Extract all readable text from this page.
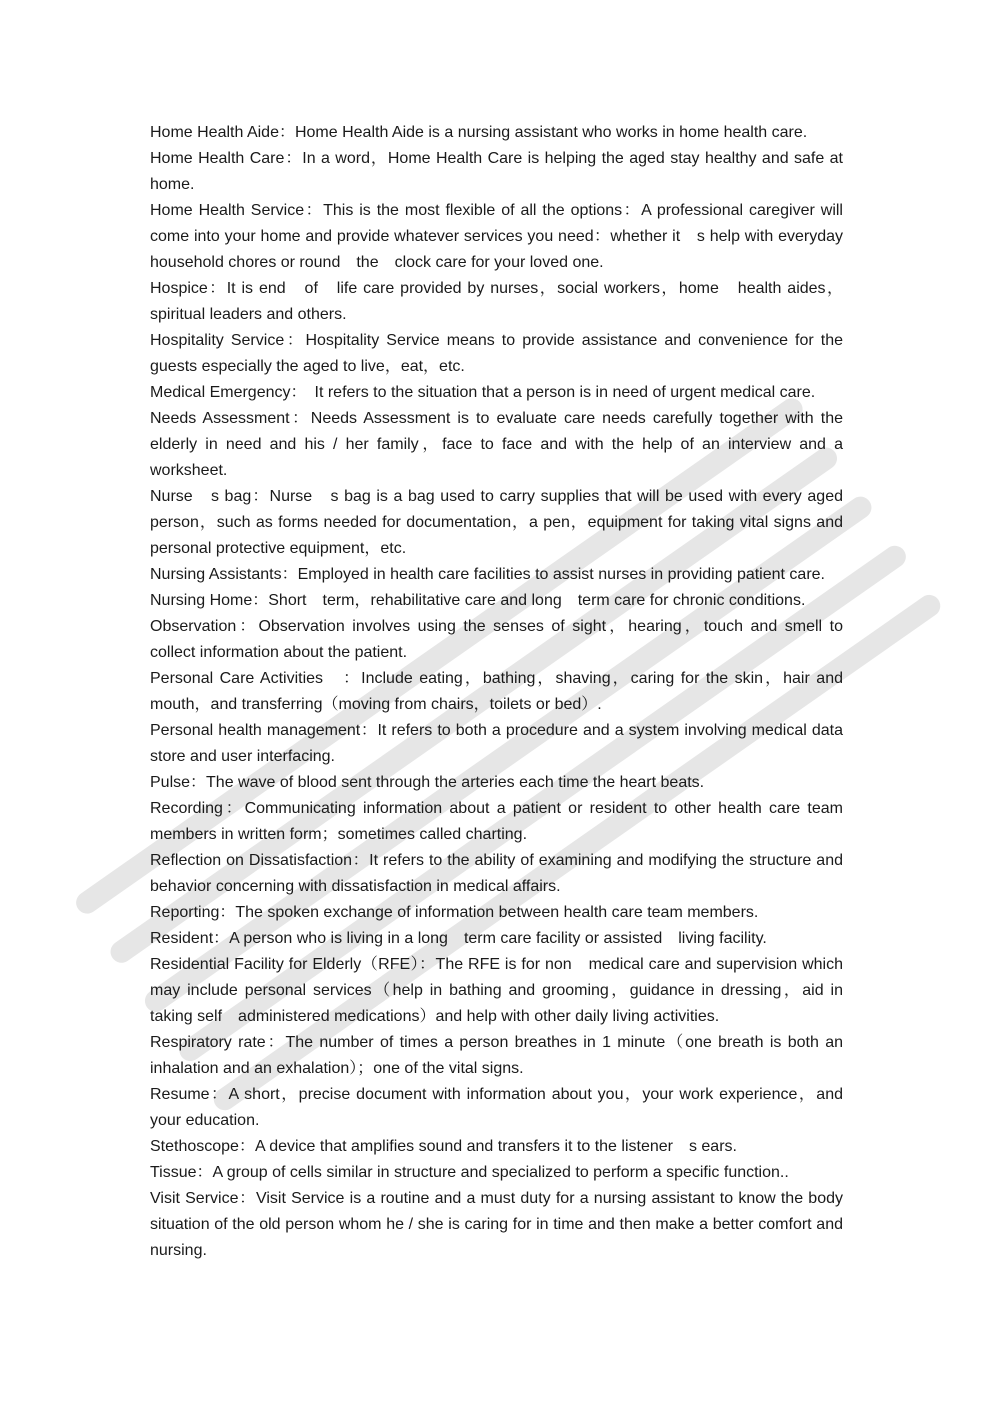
Home Health Aide：Home Health Aide is a nursing assistant who works in home health care.

Home Health Care：In a word，Home Health Care is helping the aged stay healthy and safe at home.

Home Health Service：This is the most flexible of all the options：A professional caregiver will come into your home and provide whatever services you need：whether it　s help with everyday household chores or round　the　clock care for your loved one.

Hospice：It is end　of　life care provided by nurses，social workers，home　health aides，spiritual leaders and others.

Hospitality Service：Hospitality Service means to provide assistance and convenience for the guests especially the aged to live，eat，etc.

Medical Emergency：　It refers to the situation that a person is in need of urgent medical care.

Needs Assessment：Needs Assessment is to evaluate care needs carefully together with the elderly in need and his / her family，face to face and with the help of an interview and a worksheet.

Nurse　s bag：Nurse　s bag is a bag used to carry supplies that will be used with every aged person，such as forms needed for documentation，a pen，equipment for taking vital signs and personal protective equipment，etc.

Nursing Assistants：Employed in health care facilities to assist nurses in providing patient care.

Nursing Home：Short　term，rehabilitative care and long　term care for chronic conditions.

Observation：Observation involves using the senses of sight，hearing，touch and smell to collect information about the patient.

Personal Care Activities　：Include eating，bathing，shaving，caring for the skin，hair and mouth，and transferring（moving from chairs，toilets or bed）.

Personal health management：It refers to both a procedure and a system involving medical data store and user interfacing.

Pulse：The wave of blood sent through the arteries each time the heart beats.

Recording：Communicating information about a patient or resident to other health care team members in written form；sometimes called charting.

Reflection on Dissatisfaction：It refers to the ability of examining and modifying the structure and behavior concerning with dissatisfaction in medical affairs.

Reporting：The spoken exchange of information between health care team members.

Resident：A person who is living in a long　term care facility or assisted　living facility.

Residential Facility for Elderly（RFE）：The RFE is for non　medical care and supervision which may include personal services（help in bathing and grooming，guidance in dressing，aid in taking self　administered medications）and help with other daily living activities.

Respiratory rate：The number of times a person breathes in 1 minute（one breath is both an inhalation and an exhalation）；one of the vital signs.

Resume：A short，precise document with information about you，your work experience，and your education.

Stethoscope：A device that amplifies sound and transfers it to the listener　s ears.

Tissue：A group of cells similar in structure and specialized to perform a specific function..

Visit Service：Visit Service is a routine and a must duty for a nursing assistant to know the body situation of the old person whom he / she is caring for in time and then make a better comfort and nursing.
